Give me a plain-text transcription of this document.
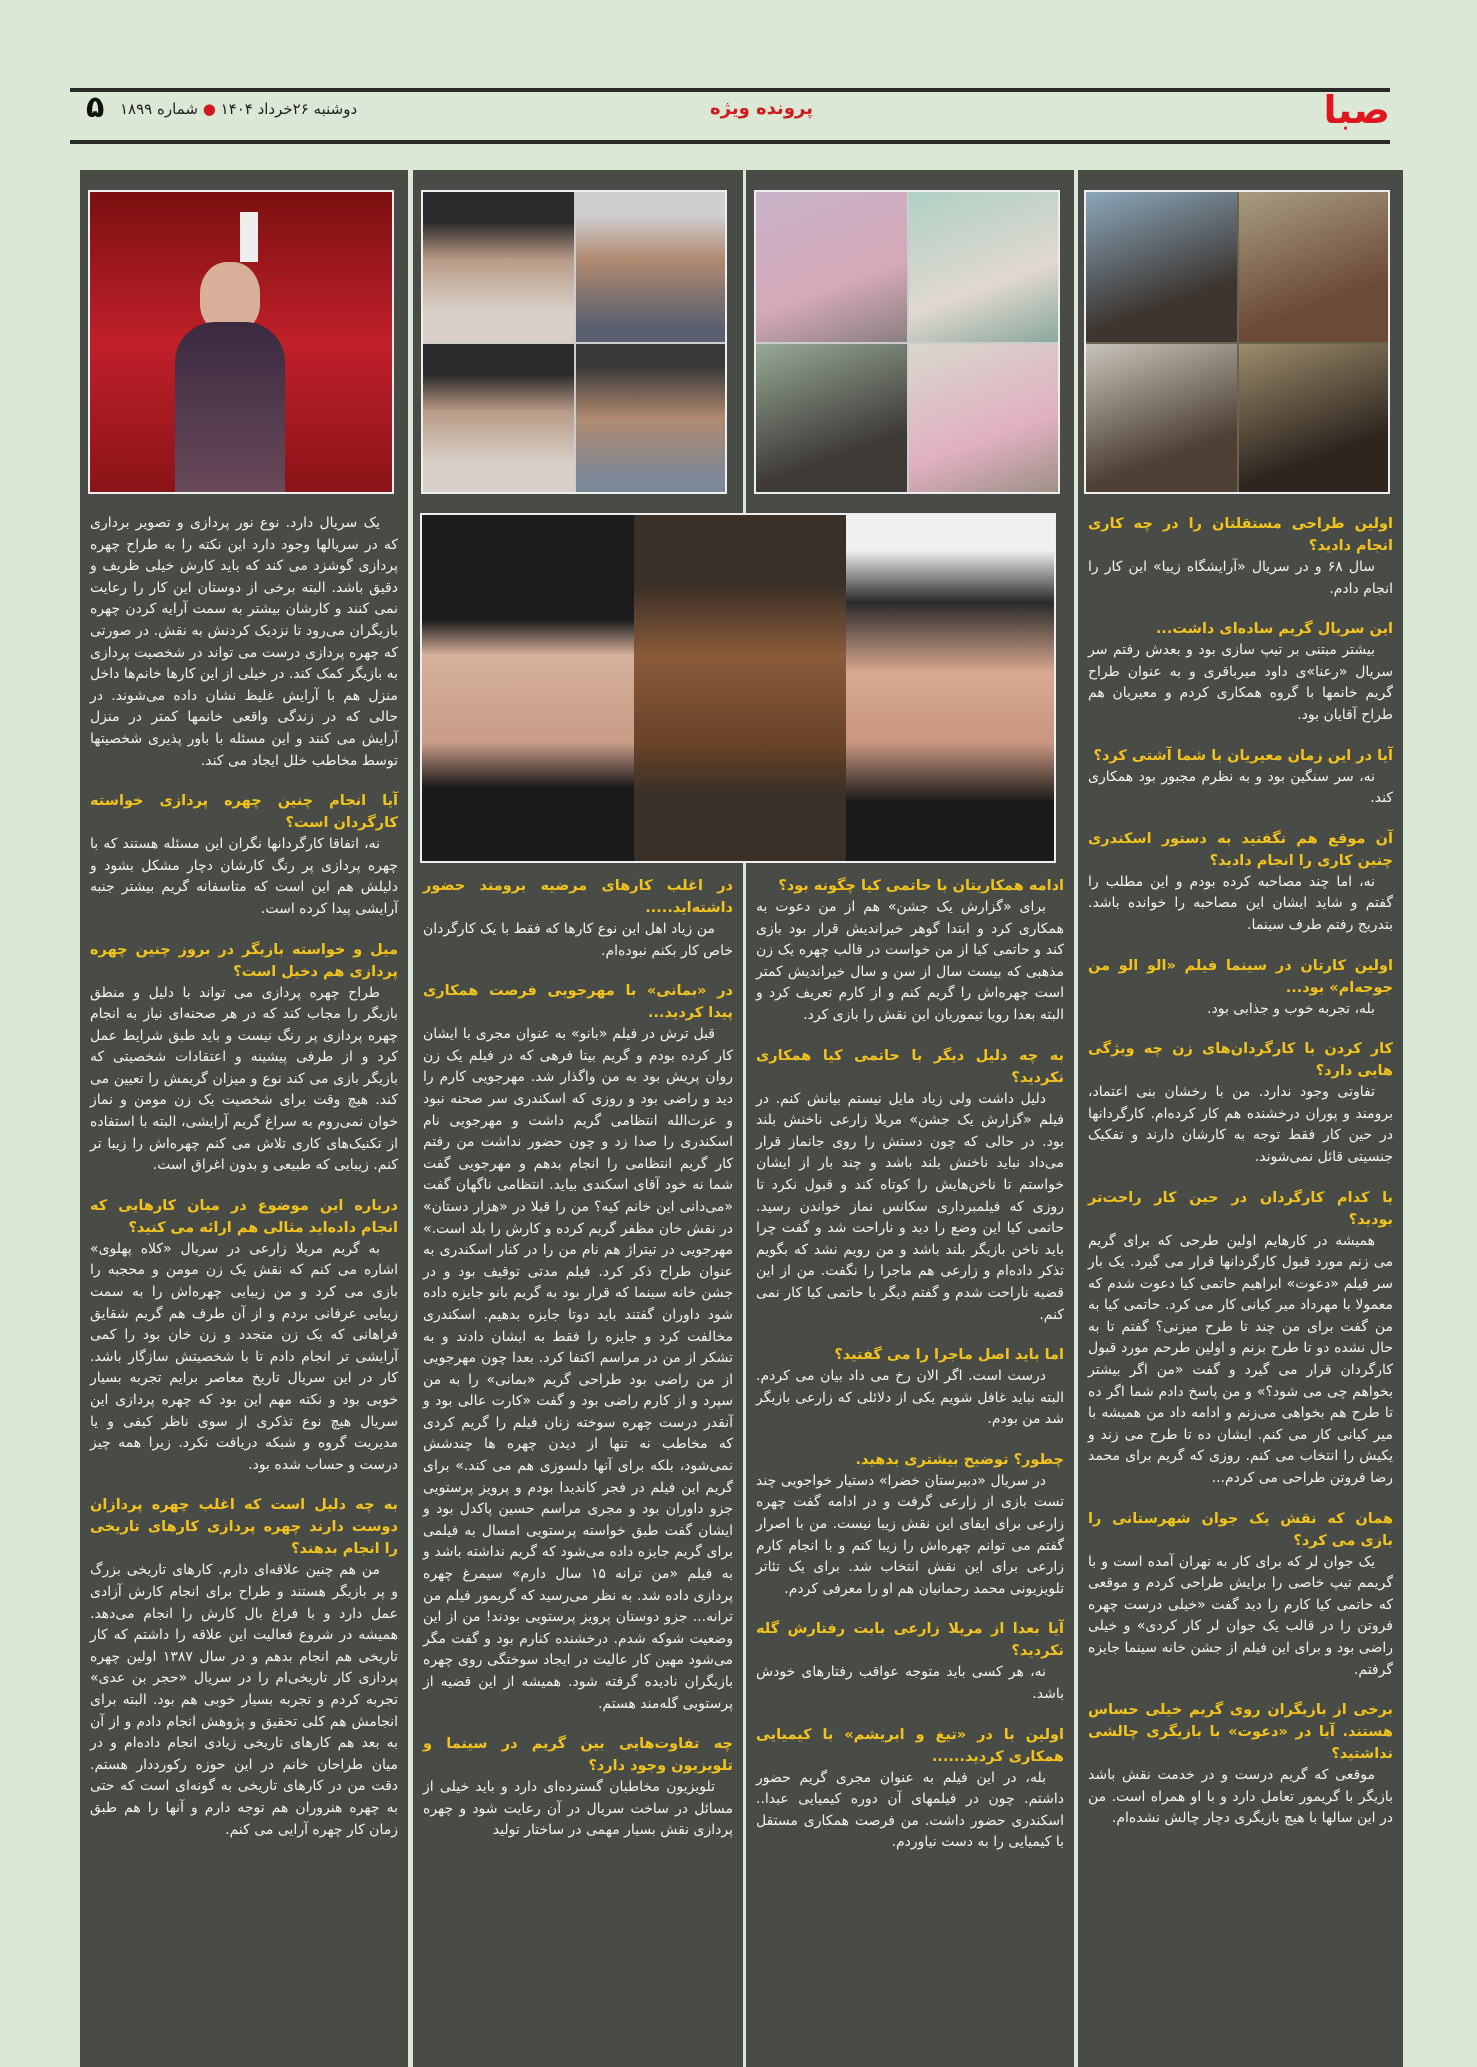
صبا
پرونده ویژه
دوشنبه ۲۶خرداد ۱۴۰۴ ● شماره ۱۸۹۹
۵
اولین طراحی مستقلتان را در چه کاری انجام دادید؟
سال ۶۸ و در سریال «آرایشگاه زیبا» این کار را انجام دادم.
این سریال گریم ساده‌ای داشت...
بیشتر مبتنی بر تیپ سازی بود و بعدش رفتم سر سریال «رعنا»ی داود میرباقری و به عنوان طراح گریم خانمها با گروه همکاری کردم و معیریان هم طراح آقایان بود.
آیا در این زمان معیریان با شما آشتی کرد؟
نه، سر سنگین بود و به نظرم مجبور بود همکاری کند.
آن موقع هم نگفتید به دستور اسکندری چنین کاری را انجام دادید؟
نه، اما چند مصاحبه کرده بودم و این مطلب را گفتم و شاید ایشان این مصاحبه را خوانده باشد. بتدریج رفتم طرف سینما.
اولین کارتان در سینما فیلم «الو الو من جوجه‌ام» بود...
بله، تجربه خوب و جذابی بود.
کار کردن با کارگردان‌های زن چه ویژگی هایی دارد؟
تفاوتی وجود ندارد. من با رخشان بنی اعتماد، برومند و پوران درخشنده هم کار کرده‌ام. کارگردانها در حین کار فقط توجه به کارشان دارند و تفکیک جنسیتی قائل نمی‌شوند.
با کدام کارگردان در حین کار راحت‌تر بودید؟
همیشه در کارهایم اولین طرحی که برای گریم می زنم مورد قبول کارگردانها قرار می گیرد. یک بار سر فیلم «دعوت» ابراهیم حاتمی کیا دعوت شدم که معمولا با مهرداد میر کیانی کار می کرد. حاتمی کیا به من گفت برای من چند تا طرح میزنی؟ گفتم تا به حال نشده دو تا طرح بزنم و اولین طرحم مورد قبول کارگردان قرار می گیرد و گفت «من اگر بیشتر بخواهم چی می شود؟» و من پاسخ دادم شما اگر ده تا طرح هم بخواهی می‌زنم و ادامه داد من همیشه با میر کیانی کار می کنم. ایشان ده تا طرح می زند و یکیش را انتخاب می کنم. روزی که گریم برای محمد رضا فروتن طراحی می کردم...
همان که نقش یک جوان شهرستانی را بازی می کرد؟
یک جوان لر که برای کار به تهران آمده است و با گریمم تیپ خاصی را برایش طراحی کردم و موقعی که حاتمی کیا کارم را دید گفت «خیلی درست چهره فروتن را در قالب یک جوان لر کار کردی» و خیلی راضی بود و برای این فیلم از جشن خانه سینما جایزه گرفتم.
برخی از بازیگران روی گریم خیلی حساس هستند. آیا در «دعوت» با بازیگری چالشی نداشتید؟
موقعی که گریم درست و در خدمت نقش باشد بازیگر با گریمور تعامل دارد و با او همراه است. من در این سالها با هیچ بازیگری دچار چالش نشده‌ام.
در اغلب کارهای مرضیه برومند حضور داشته‌اید.....
من زیاد اهل این نوع کارها که فقط با یک کارگردان خاص کار بکنم نبوده‌ام.
در «بمانی» با مهرجویی فرصت همکاری پیدا کردید...
قبل ترش در فیلم «بانو» به عنوان مجری با ایشان کار کرده بودم و گریم بیتا فرهی که در فیلم یک زن روان پریش بود به من واگذار شد. مهرجویی کارم را دید و راضی بود و روزی که اسکندری سر صحنه نبود و عزت‌الله انتظامی گریم داشت و مهرجویی نام اسکندری را صدا زد و چون حضور نداشت من رفتم کار گریم انتظامی را انجام بدهم و مهرجویی گفت شما نه خود آقای اسکندی بیاید. انتظامی ناگهان گفت «می‌دانی این خانم کیه؟ من را قبلا در «هزار دستان» در نقش خان مظفر گریم کرده و کارش را بلد است.» مهرجویی در تیتراژ هم نام من را در کنار اسکندری به عنوان طراح ذکر کرد. فیلم مدتی توقیف بود و در جشن خانه سینما که قرار بود به گریم بانو جایزه داده شود داوران گفتند باید دوتا جایزه بدهیم. اسکندری مخالفت کرد و جایزه را فقط به ایشان دادند و به تشکر از من در مراسم اکتفا کرد. بعدا چون مهرجویی از من راضی بود طراحی گریم «بمانی» را به من سپرد و از کارم راضی بود و گفت «کارت عالی بود و آنقدر درست چهره سوخته زنان فیلم را گریم کردی که مخاطب نه تنها از دیدن چهره ها چندشش نمی‌شود، بلکه برای آنها دلسوزی هم می کند.» برای گریم این فیلم در فجر کاندیدا بودم و پرویز پرستویی جزو داوران بود و مجری مراسم حسین پاکدل بود و ایشان گفت طبق خواسته پرستویی امسال به فیلمی برای گریم جایزه داده می‌شود که گریم نداشته باشد و به فیلم «من ترانه ۱۵ سال دارم» سیمرغ چهره پردازی داده شد. به نظر می‌رسید که گریمور فیلم من ترانه... جزو دوستان پرویز پرستویی بودند! من از این وضعیت شوکه شدم. درخشنده کنارم بود و گفت مگر می‌شود مهین کار عالیت در ایجاد سوختگی روی چهره بازیگران نادیده گرفته شود. همیشه از این قضیه از پرستویی گله‌مند هستم.
چه تفاوت‌هایی بین گریم در سینما و تلویزیون وجود دارد؟
تلویزیون مخاطبان گسترده‌ای دارد و باید خیلی از مسائل در ساخت سریال در آن رعایت شود و چهره پردازی نقش بسیار مهمی در ساختار تولید
ادامه همکاریتان با حاتمی کیا چگونه بود؟
برای «گزارش یک جشن» هم از من دعوت به همکاری کرد و ابتدا گوهر خیراندیش قرار بود بازی کند و حاتمی کیا از من خواست در قالب چهره یک زن مذهبی که بیست سال از سن و سال خیراندیش کمتر است چهره‌اش را گریم کنم و از کارم تعریف کرد و البته بعدا رویا تیموریان این نقش را بازی کرد.
به چه دلیل دیگر با حاتمی کیا همکاری نکردید؟
دلیل داشت ولی زیاد مایل نیستم بیانش کنم. در فیلم «گزارش یک جشن» مریلا زارعی ناخنش بلند بود. در حالی که چون دستش را روی جانماز قرار می‌داد نباید ناخنش بلند باشد و چند بار از ایشان خواستم تا ناخن‌هایش را کوتاه کند و قبول نکرد تا روزی که فیلمبرداری سکانس نماز خواندن رسید. حاتمی کیا این وضع را دید و ناراحت شد و گفت چرا باید ناخن بازیگر بلند باشد و من رویم نشد که بگویم تذکر داده‌ام و زارعی هم ماجرا را نگفت. من از این قضیه ناراحت شدم و گفتم دیگر با حاتمی کیا کار نمی کنم.
اما باید اصل ماجرا را می گفتید؟
درست است. اگر الان رخ می داد بیان می کردم. البته نباید غافل شویم یکی از دلائلی که زارعی بازیگر شد من بودم.
چطور؟ توضیح بیشتری بدهید.
در سریال «دبیرستان خضرا» دستیار خواجویی چند تست بازی از زارعی گرفت و در ادامه گفت چهره زارعی برای ایفای این نقش زیبا نیست. من با اصرار گفتم می توانم چهره‌اش را زیبا کنم و با انجام کارم زارعی برای این نقش انتخاب شد. برای یک تئاتر تلویزیونی محمد رحمانیان هم او را معرفی کردم.
آیا بعدا از مریلا زارعی بابت رفتارش گله نکردید؟
نه، هر کسی باید متوجه عواقب رفتارهای خودش باشد.
اولین با در «تیغ و ابریشم» با کیمیایی همکاری کردید......
بله، در این فیلم به عنوان مجری گریم حضور داشتم. چون در فیلمهای آن دوره کیمیایی عبدا.. اسکندری حضور داشت. من فرصت همکاری مستقل با کیمیایی را به دست نیاوردم.
یک سریال دارد. نوع نور پردازی و تصویر برداری که در سریالها وجود دارد این نکته را به طراح چهره پردازی گوشزد می کند که باید کارش خیلی ظریف و دقیق باشد. البته برخی از دوستان این کار را رعایت نمی کنند و کارشان بیشتر به سمت آرایه کردن چهره بازیگران می‌رود تا نزدیک کردنش به نقش. در صورتی که چهره پردازی درست می تواند در شخصیت پردازی به بازیگر کمک کند. در خیلی از این کارها خانم‌ها داخل منزل هم با آرایش غلیظ نشان داده می‌شوند. در حالی که در زندگی واقعی خانمها کمتر در منزل آرایش می کنند و این مسئله با باور پذیری شخصیتها توسط مخاطب خلل ایجاد می کند.
آیا انجام چنین چهره پردازی خواسته کارگردان است؟
نه، اتفاقا کارگردانها نگران این مسئله هستند که با چهره پردازی پر رنگ کارشان دچار مشکل بشود و دلیلش هم این است که متاسفانه گریم بیشتر جنبه آرایشی پیدا کرده است.
میل و خواسته بازیگر در بروز چنین چهره پردازی هم دخیل است؟
طراح چهره پردازی می تواند با دلیل و منطق بازیگر را مجاب کند که در هر صحنه‌ای نیاز به انجام چهره پردازی پر رنگ نیست و باید طبق شرایط عمل کرد و از طرفی پیشینه و اعتقادات شخصیتی که بازیگر بازی می کند نوع و میزان گریمش را تعیین می کند. هیچ وقت برای شخصیت یک زن مومن و نماز خوان نمی‌روم به سراغ گریم آرایشی، البته با استفاده از تکنیک‌های کاری تلاش می کنم چهره‌اش را زیبا تر کنم. زیبایی که طبیعی و بدون اغراق است.
درباره این موضوع در میان کارهایی که انجام داده‌اید مثالی هم ارائه می کنید؟
به گریم مریلا زارعی در سریال «کلاه پهلوی» اشاره می کنم که نقش یک زن مومن و محجبه را بازی می کرد و من زیبایی چهره‌اش را به سمت زیبایی عرفانی بردم و از آن طرف هم گریم شقایق فراهانی که یک زن متجدد و زن خان بود را کمی آرایشی تر انجام دادم تا با شخصیتش سازگار باشد. کار در این سریال تاریخ معاصر برایم تجربه بسیار خوبی بود و نکته مهم این بود که چهره پردازی این سریال هیچ نوع تذکری از سوی ناظر کیفی و یا مدیریت گروه و شبکه دریافت نکرد. زیرا همه چیز درست و حساب شده بود.
به چه دلیل است که اغلب چهره پردازان دوست دارند چهره پردازی کارهای تاریخی را انجام بدهند؟
من هم چنین علاقه‌ای دارم. کارهای تاریخی بزرگ و پر بازیگر هستند و طراح برای انجام کارش آزادی عمل دارد و با فراغ بال کارش را انجام می‌دهد. همیشه در شروع فعالیت این علاقه را داشتم که کار تاریخی هم انجام بدهم و در سال ۱۳۸۷ اولین چهره پردازی کار تاریخی‌ام را در سریال «حجر بن عدی» تجربه کردم و تجربه بسیار خوبی هم بود. البته برای انجامش هم کلی تحقیق و پژوهش انجام دادم و از آن به بعد هم کارهای تاریخی زیادی انجام داده‌ام و در میان طراحان خانم در این حوزه رکورددار هستم. دقت من در کارهای تاریخی به گونه‌ای است که حتی به چهره هنروران هم توجه دارم و آنها را هم طبق زمان کار چهره آرایی می کنم.
